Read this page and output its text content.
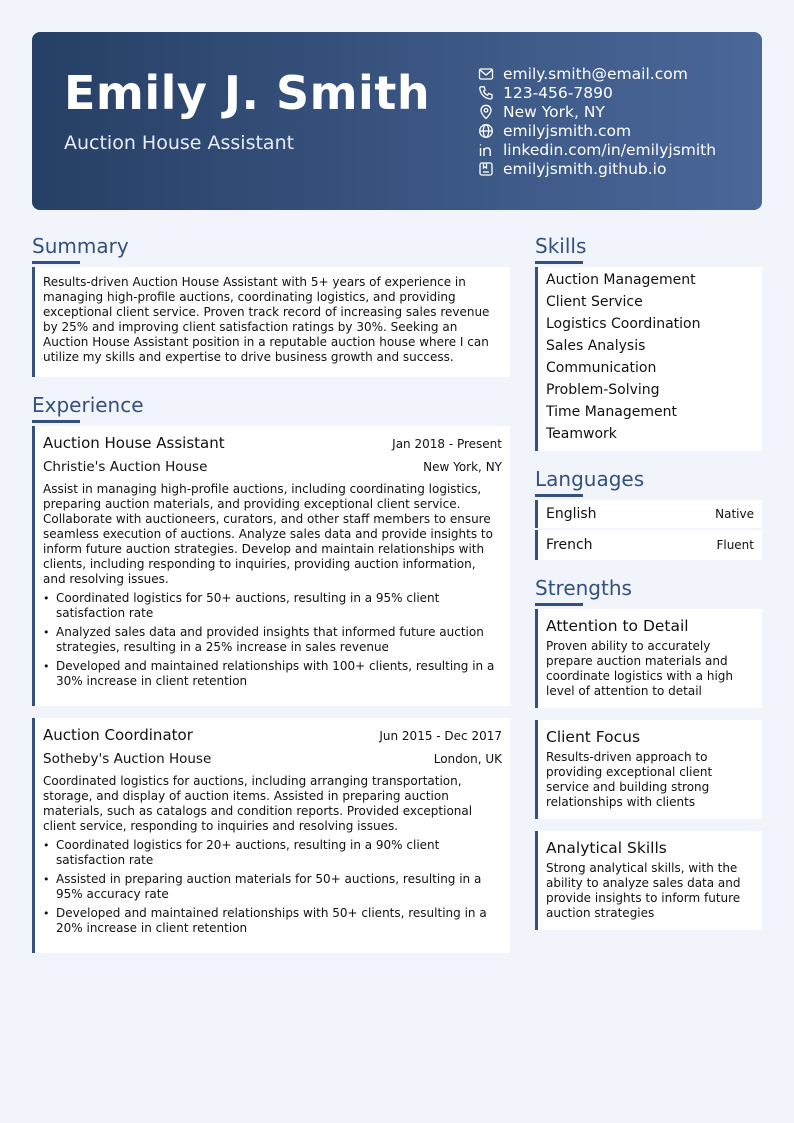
Emily J. Smith
Auction House Assistant
emily.smith@email.com
123-456-7890
New York, NY
emilyjsmith.com
linkedin.com/in/emilyjsmith
emilyjsmith.github.io
Summary
Results-driven Auction House Assistant with 5+ years of experience in managing high-profile auctions, coordinating logistics, and providing exceptional client service. Proven track record of increasing sales revenue by 25% and improving client satisfaction ratings by 30%. Seeking an Auction House Assistant position in a reputable auction house where I can utilize my skills and expertise to drive business growth and success.
Experience
Auction House Assistant	Jan 2018 - Present
Christie's Auction House	New York, NY
Assist in managing high-profile auctions, including coordinating logistics, preparing auction materials, and providing exceptional client service. Collaborate with auctioneers, curators, and other staff members to ensure seamless execution of auctions. Analyze sales data and provide insights to inform future auction strategies. Develop and maintain relationships with clients, including responding to inquiries, providing auction information, and resolving issues.
• Coordinated logistics for 50+ auctions, resulting in a 95% client satisfaction rate
• Analyzed sales data and provided insights that informed future auction strategies, resulting in a 25% increase in sales revenue
• Developed and maintained relationships with 100+ clients, resulting in a 30% increase in client retention
Auction Coordinator	Jun 2015 - Dec 2017
Sotheby's Auction House	London, UK
Coordinated logistics for auctions, including arranging transportation, storage, and display of auction items. Assisted in preparing auction materials, such as catalogs and condition reports. Provided exceptional client service, responding to inquiries and resolving issues.
• Coordinated logistics for 20+ auctions, resulting in a 90% client satisfaction rate
• Assisted in preparing auction materials for 50+ auctions, resulting in a 95% accuracy rate
• Developed and maintained relationships with 50+ clients, resulting in a 20% increase in client retention
Skills
Auction Management
Client Service
Logistics Coordination
Sales Analysis
Communication
Problem-Solving
Time Management
Teamwork
Languages
English	Native
French	Fluent
Strengths
Attention to Detail
Proven ability to accurately prepare auction materials and coordinate logistics with a high level of attention to detail
Client Focus
Results-driven approach to providing exceptional client service and building strong relationships with clients
Analytical Skills
Strong analytical skills, with the ability to analyze sales data and provide insights to inform future auction strategies
